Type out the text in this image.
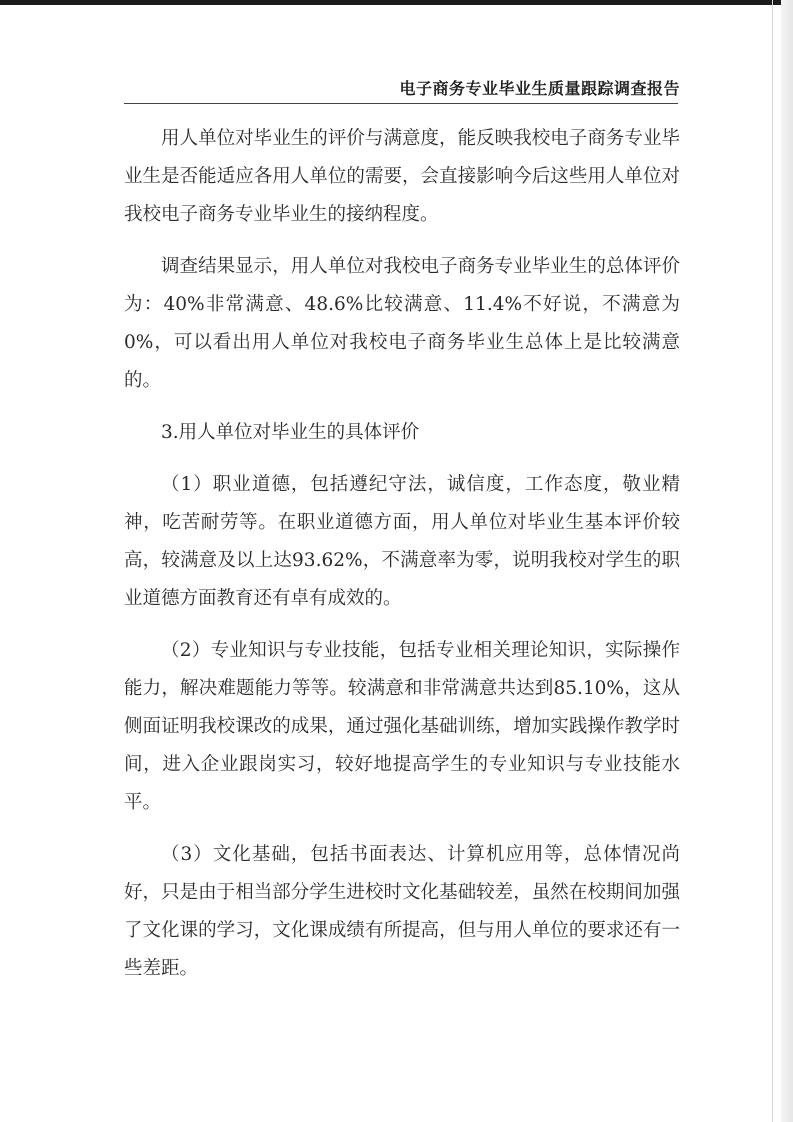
电子商务专业毕业生质量跟踪调查报告

用人单位对毕业生的评价与满意度，能反映我校电子商务专业毕业生是否能适应各用人单位的需要，会直接影响今后这些用人单位对我校电子商务专业毕业生的接纳程度。

调查结果显示，用人单位对我校电子商务专业毕业生的总体评价为：40%非常满意、48.6%比较满意、11.4%不好说，不满意为0%，可以看出用人单位对我校电子商务毕业生总体上是比较满意的。

3.用人单位对毕业生的具体评价

（1）职业道德，包括遵纪守法，诚信度，工作态度，敬业精神，吃苦耐劳等。在职业道德方面，用人单位对毕业生基本评价较高，较满意及以上达93.62%，不满意率为零，说明我校对学生的职业道德方面教育还有卓有成效的。

（2）专业知识与专业技能，包括专业相关理论知识，实际操作能力，解决难题能力等等。较满意和非常满意共达到85.10%，这从侧面证明我校课改的成果，通过强化基础训练，增加实践操作教学时间，进入企业跟岗实习，较好地提高学生的专业知识与专业技能水平。

（3）文化基础，包括书面表达、计算机应用等，总体情况尚好，只是由于相当部分学生进校时文化基础较差，虽然在校期间加强了文化课的学习，文化课成绩有所提高，但与用人单位的要求还有一些差距。
